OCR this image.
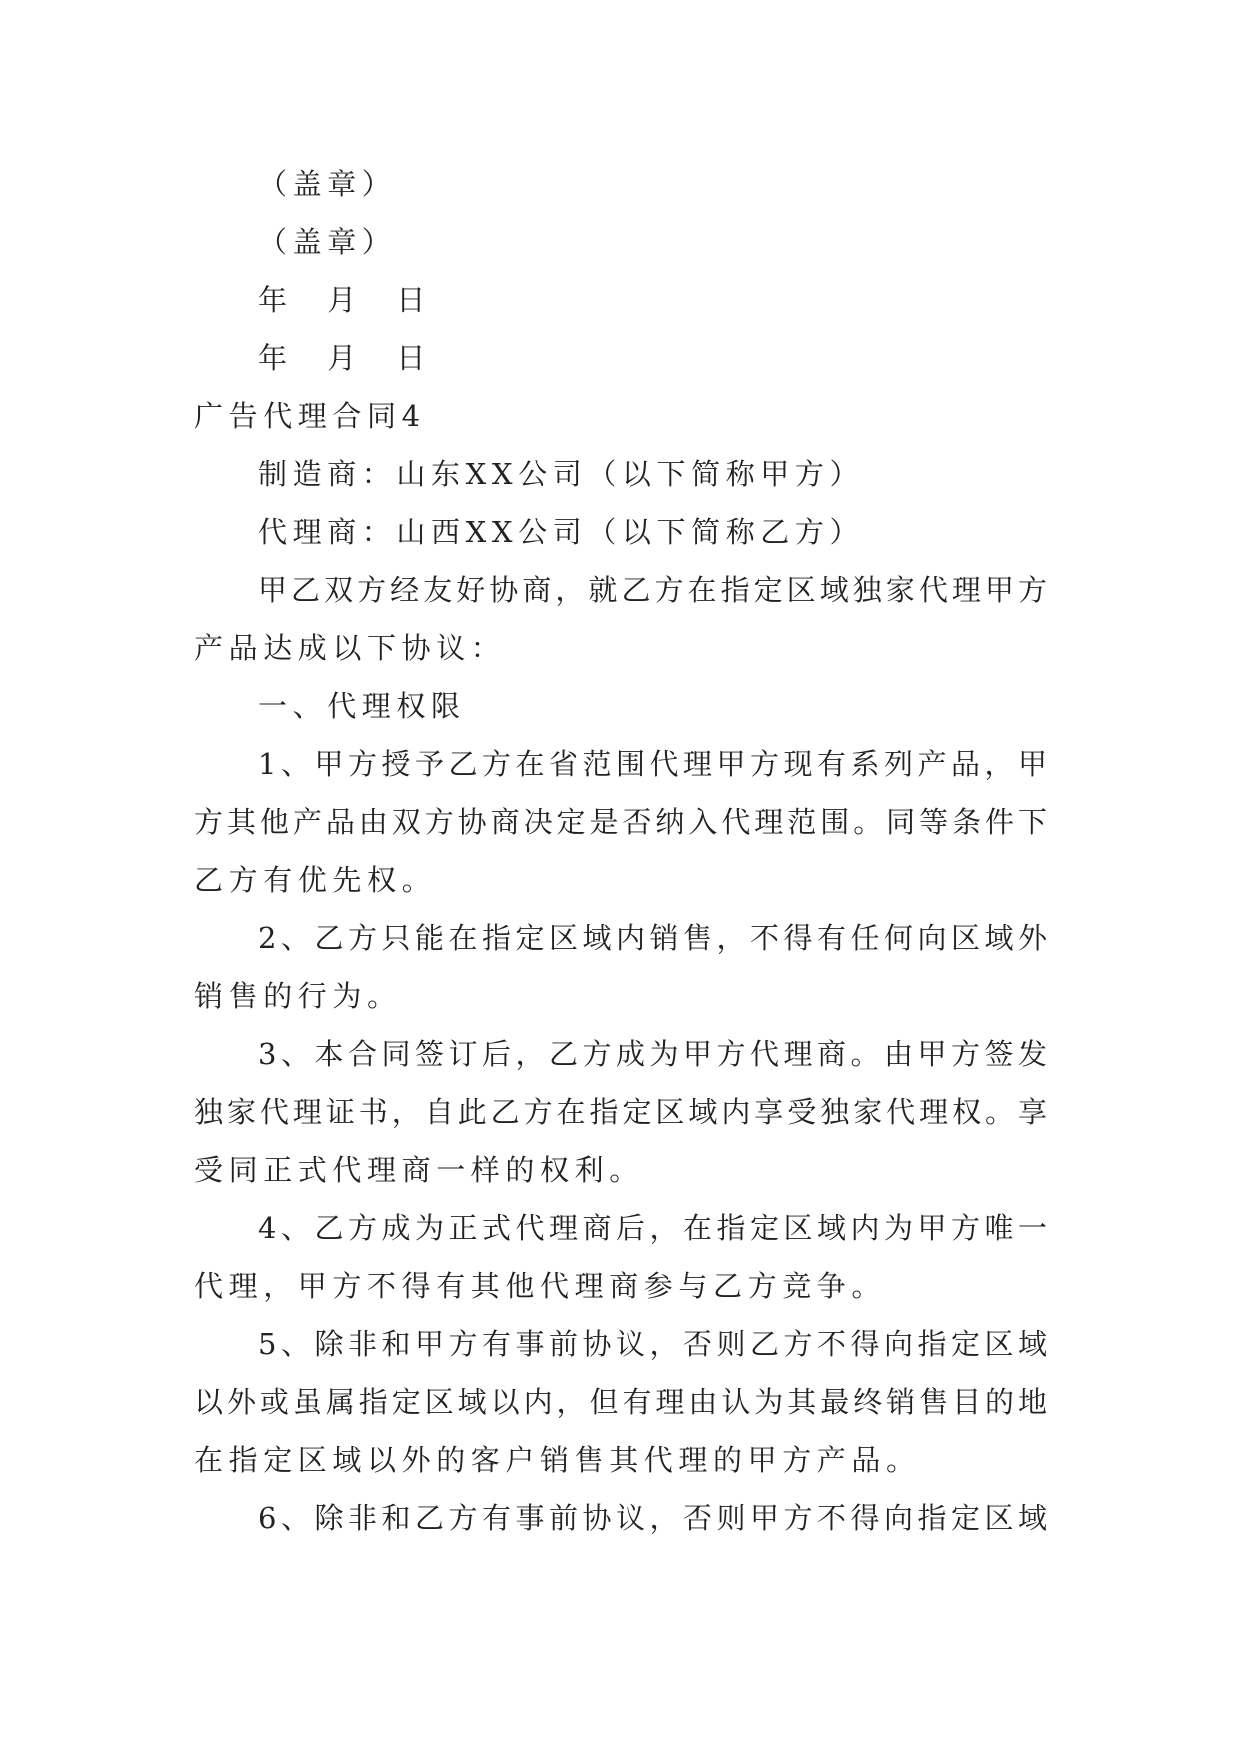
（盖章）
（盖章）
年　月　日
年　月　日
广告代理合同4
制造商：山东XX公司（以下简称甲方）
代理商：山西XX公司（以下简称乙方）
甲乙双方经友好协商，就乙方在指定区域独家代理甲方
产品达成以下协议：
一、代理权限
1、甲方授予乙方在省范围代理甲方现有系列产品，甲
方其他产品由双方协商决定是否纳入代理范围。同等条件下
乙方有优先权。
2、乙方只能在指定区域内销售，不得有任何向区域外
销售的行为。
3、本合同签订后，乙方成为甲方代理商。由甲方签发
独家代理证书，自此乙方在指定区域内享受独家代理权。享
受同正式代理商一样的权利。
4、乙方成为正式代理商后，在指定区域内为甲方唯一
代理，甲方不得有其他代理商参与乙方竞争。
5、除非和甲方有事前协议，否则乙方不得向指定区域
以外或虽属指定区域以内，但有理由认为其最终销售目的地
在指定区域以外的客户销售其代理的甲方产品。
6、除非和乙方有事前协议，否则甲方不得向指定区域
